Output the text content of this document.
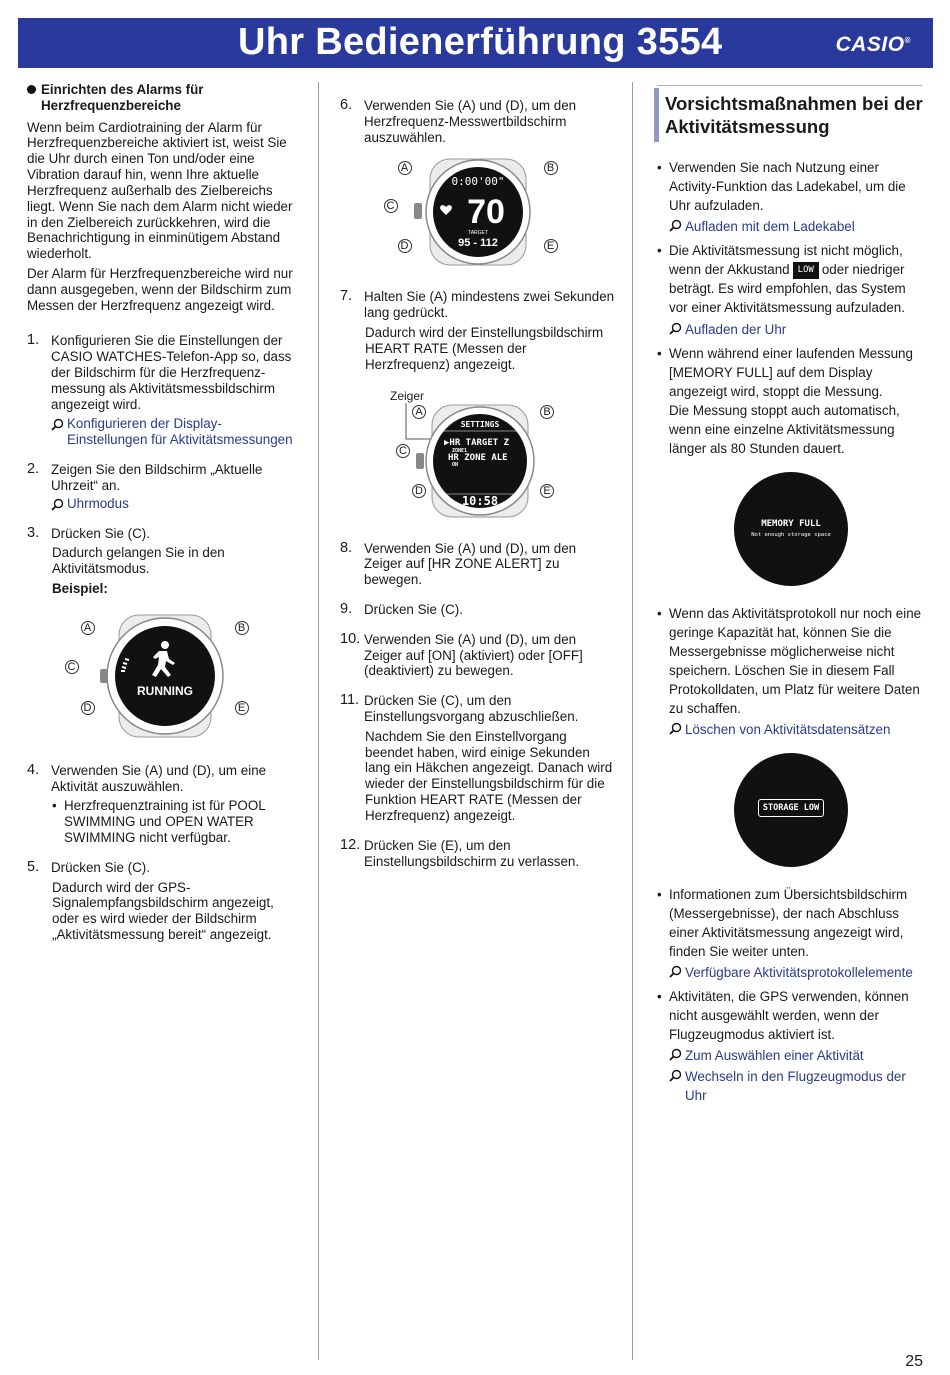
Uhr Bedienerführung 3554	CASIO®
Einrichten des Alarms für Herzfrequenzbereiche

Wenn beim Cardiotraining der Alarm für Herzfrequenzbereiche aktiviert ist, weist Sie die Uhr durch einen Ton und/oder eine Vibration darauf hin, wenn Ihre aktuelle Herzfrequenz außerhalb des Zielbereichs liegt. Wenn Sie nach dem Alarm nicht wieder in den Zielbereich zurückkehren, wird die Benachrichtigung in einminütigem Abstand wiederholt.

Der Alarm für Herzfrequenzbereiche wird nur dann ausgegeben, wenn der Bildschirm zum Messen der Herzfrequenz angezeigt wird.

1. Konfigurieren Sie die Einstellungen der CASIO WATCHES-Telefon-App so, dass der Bildschirm für die Herzfrequenz-messung als Aktivitätsmessbildschirm angezeigt wird.
Konfigurieren der Display-Einstellungen für Aktivitätsmessungen
2. Zeigen Sie den Bildschirm „Aktuelle Uhrzeit“ an.
Uhrmodus
3. Drücken Sie (C).
Dadurch gelangen Sie in den Aktivitätsmodus.
Beispiel:
RUNNING
A	B
C
D	E
4. Verwenden Sie (A) und (D), um eine Aktivität auszuwählen.
• Herzfrequenztraining ist für POOL SWIMMING und OPEN WATER SWIMMING nicht verfügbar.
5. Drücken Sie (C).
Dadurch wird der GPS-Signalempfangsbildschirm angezeigt, oder es wird wieder der Bildschirm „Aktivitätsmessung bereit“ angezeigt.
6. Verwenden Sie (A) und (D), um den Herzfrequenz-Messwertbildschirm auszuwählen.
0:00'00"
70
TARGET
95 - 112
A	B
C
D	E
7. Halten Sie (A) mindestens zwei Sekunden lang gedrückt.
Dadurch wird der Einstellungsbildschirm HEART RATE (Messen der Herzfrequenz) angezeigt.
Zeiger
SETTINGS
▶HR TARGET Z
ZONE1
HR ZONE ALE
ON
10:58
A	B
C
D	E
8. Verwenden Sie (A) und (D), um den Zeiger auf [HR ZONE ALERT] zu bewegen.
9. Drücken Sie (C).
10. Verwenden Sie (A) und (D), um den Zeiger auf [ON] (aktiviert) oder [OFF] (deaktiviert) zu bewegen.
11. Drücken Sie (C), um den Einstellungsvorgang abzuschließen.
Nachdem Sie den Einstellvorgang beendet haben, wird einige Sekunden lang ein Häkchen angezeigt. Danach wird wieder der Einstellungsbildschirm für die Funktion HEART RATE (Messen der Herzfrequenz) angezeigt.
12. Drücken Sie (E), um den Einstellungsbildschirm zu verlassen.
Vorsichtsmaßnahmen bei der Aktivitätsmessung
• Verwenden Sie nach Nutzung einer Activity-Funktion das Ladekabel, um die Uhr aufzuladen.
Aufladen mit dem Ladekabel
• Die Aktivitätsmessung ist nicht möglich, wenn der Akkustand LOW oder niedriger beträgt. Es wird empfohlen, das System vor einer Aktivitätsmessung aufzuladen.
Aufladen der Uhr
• Wenn während einer laufenden Messung [MEMORY FULL] auf dem Display angezeigt wird, stoppt die Messung.
Die Messung stoppt auch automatisch, wenn eine einzelne Aktivitätsmessung länger als 80 Stunden dauert.
MEMORY FULL
Not enough storage space
• Wenn das Aktivitätsprotokoll nur noch eine geringe Kapazität hat, können Sie die Messergebnisse möglicherweise nicht speichern. Löschen Sie in diesem Fall Protokolldaten, um Platz für weitere Daten zu schaffen.
Löschen von Aktivitätsdatensätzen
STORAGE LOW
• Informationen zum Übersichtsbildschirm (Messergebnisse), der nach Abschluss einer Aktivitätsmessung angezeigt wird, finden Sie weiter unten.
Verfügbare Aktivitätsprotokollelemente
• Aktivitäten, die GPS verwenden, können nicht ausgewählt werden, wenn der Flugzeugmodus aktiviert ist.
Zum Auswählen einer Aktivität
Wechseln in den Flugzeugmodus der Uhr
25
